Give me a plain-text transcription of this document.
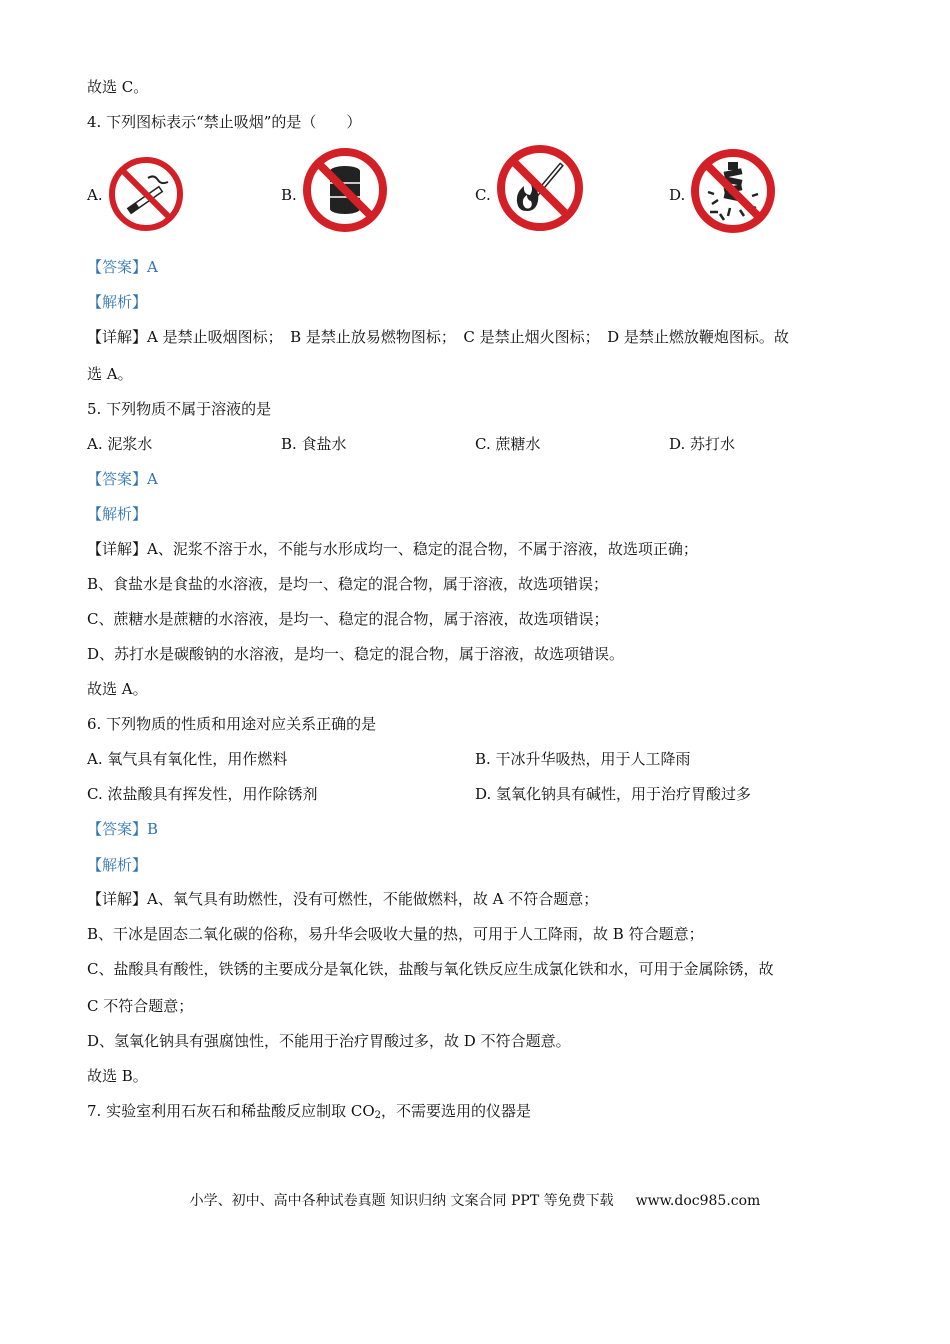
故选 C。
4. 下列图标表示“禁止吸烟”的是（　　）
A.	B.	C.	D.
【答案】A
【解析】
【详解】A 是禁止吸烟图标；　B 是禁止放易燃物图标；　C 是禁止烟火图标；　D 是禁止燃放鞭炮图标。故
选 A。
5. 下列物质不属于溶液的是
A. 泥浆水	B. 食盐水	C. 蔗糖水	D. 苏打水
【答案】A
【解析】
【详解】A、泥浆不溶于水，不能与水形成均一、稳定的混合物，不属于溶液，故选项正确；
B、食盐水是食盐的水溶液，是均一、稳定的混合物，属于溶液，故选项错误；
C、蔗糖水是蔗糖的水溶液，是均一、稳定的混合物，属于溶液，故选项错误；
D、苏打水是碳酸钠的水溶液，是均一、稳定的混合物，属于溶液，故选项错误。
故选 A。
6. 下列物质的性质和用途对应关系正确的是
A. 氧气具有氧化性，用作燃料	B. 干冰升华吸热，用于人工降雨
C. 浓盐酸具有挥发性，用作除锈剂	D. 氢氧化钠具有碱性，用于治疗胃酸过多
【答案】B
【解析】
【详解】A、氧气具有助燃性，没有可燃性，不能做燃料，故 A 不符合题意；
B、干冰是固态二氧化碳的俗称，易升华会吸收大量的热，可用于人工降雨，故 B 符合题意；
C、盐酸具有酸性，铁锈的主要成分是氧化铁，盐酸与氧化铁反应生成氯化铁和水，可用于金属除锈，故
C 不符合题意；
D、氢氧化钠具有强腐蚀性，不能用于治疗胃酸过多，故 D 不符合题意。
故选 B。
7. 实验室利用石灰石和稀盐酸反应制取 $CO_2$，不需要选用的仪器是
小学、初中、高中各种试卷真题 知识归纳 文案合同 PPT 等免费下载 www.doc985.com
